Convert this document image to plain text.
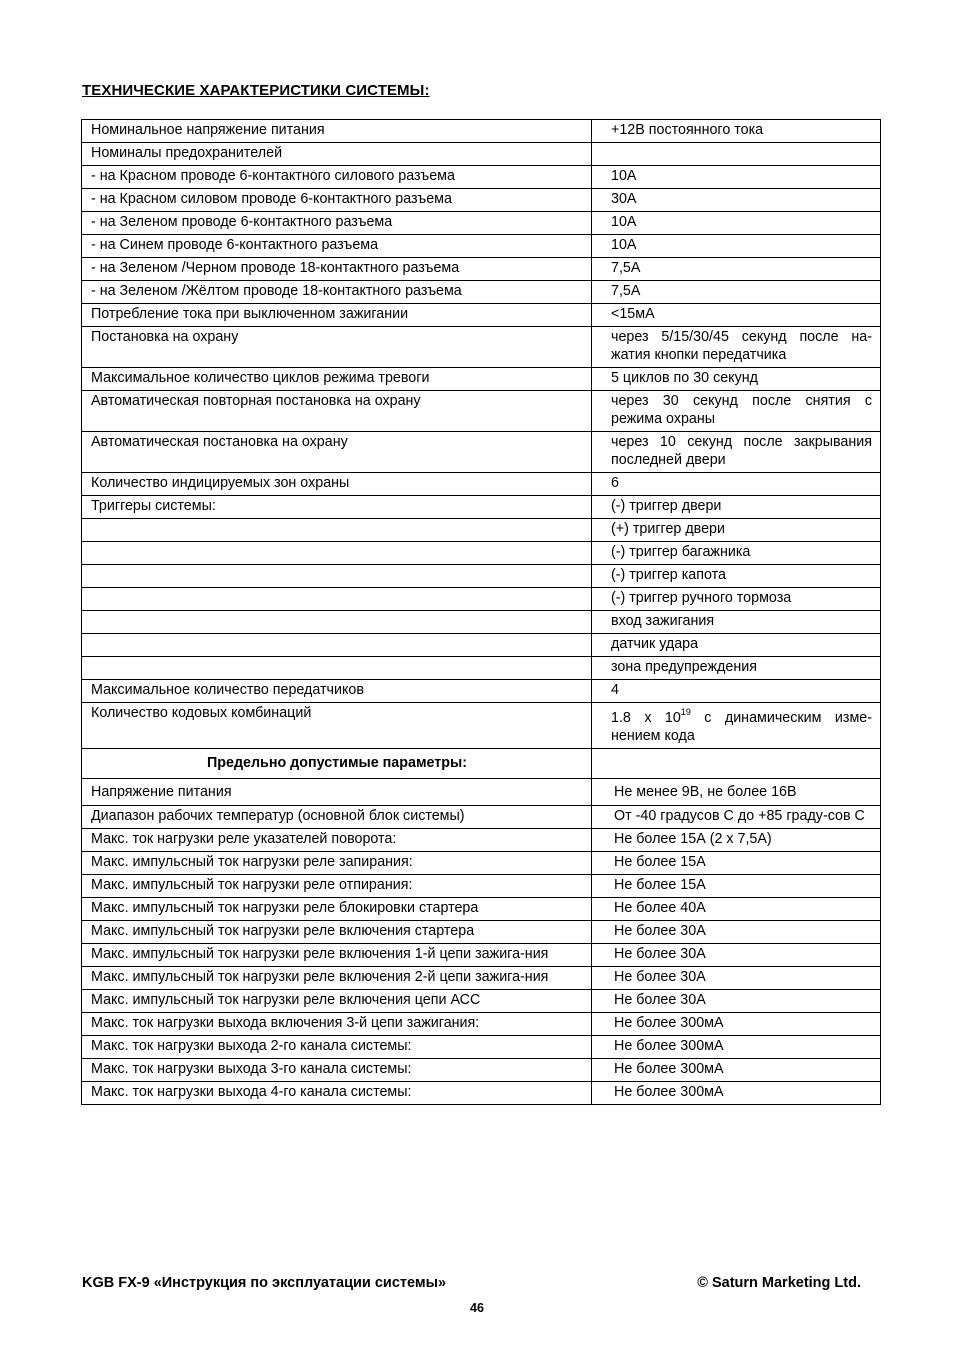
ТЕХНИЧЕСКИЕ ХАРАКТЕРИСТИКИ СИСТЕМЫ:
Номинальное напряжение питания	+12В постоянного тока
Номиналы предохранителей	
- на Красном проводе 6-контактного силового разъема	10А
- на Красном силовом проводе 6-контактного разъема	30А
- на Зеленом проводе 6-контактного разъема	10А
- на Синем проводе 6-контактного разъема	10А
- на Зеленом /Черном проводе 18-контактного разъема	7,5А
- на Зеленом /Жёлтом проводе 18-контактного разъема	7,5А
Потребление тока при выключенном зажигании	<15мА
Постановка на охрану	через 5/15/30/45 секунд после на-жатия кнопки передатчика
Максимальное количество циклов режима тревоги	5 циклов по 30 секунд
Автоматическая повторная постановка на охрану	через 30 секунд после снятия с режима охраны
Автоматическая постановка на охрану	через 10 секунд после закрывания последней двери
Количество индицируемых зон охраны	6
Триггеры системы:	(-) триггер двери
	(+) триггер двери
	(-) триггер багажника
	(-) триггер капота
	(-) триггер ручного тормоза
	вход зажигания
	датчик удара
	зона предупреждения
Максимальное количество передатчиков	4
Количество кодовых комбинаций	1.8 x $10^{19}$ с динамическим изме-нением кода
Предельно допустимые параметры:	
Напряжение питания	Не менее 9В, не более 16В
Диапазон рабочих температур (основной блок системы)	От -40 градусов С до +85 граду-сов С
Макс. ток нагрузки реле указателей поворота:	Не более 15А (2 x 7,5А)
Макс. импульсный ток нагрузки реле запирания:	Не более 15А
Макс. импульсный ток нагрузки реле отпирания:	Не более 15А
Макс. импульсный ток нагрузки реле блокировки стартера	Не более 40А
Макс. импульсный ток нагрузки реле включения стартера	Не более 30А
Макс. импульсный ток нагрузки реле включения 1-й цепи зажига-ния	Не более 30А
Макс. импульсный ток нагрузки реле включения 2-й цепи зажига-ния	Не более 30А
Макс. импульсный ток нагрузки реле включения цепи АСС	Не более 30А
Макс. ток нагрузки выхода включения 3-й цепи зажигания:	Не более 300мА
Макс. ток нагрузки выхода 2-го канала системы:	Не более 300мА
Макс. ток нагрузки выхода 3-го канала системы:	Не более 300мА
Макс. ток нагрузки выхода 4-го канала системы:	Не более 300мА
KGB FX-9 «Инструкция по эксплуатации системы»	© Saturn Marketing Ltd.
46
